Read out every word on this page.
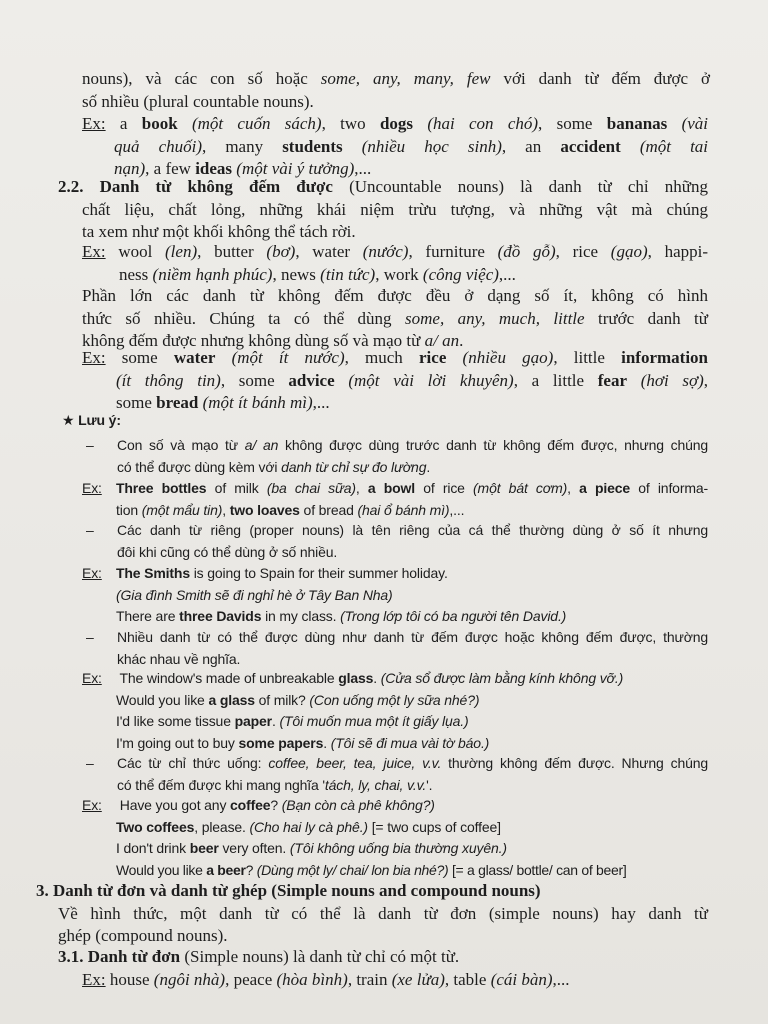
nouns), và các con số hoặc some, any, many, few với danh từ đếm được ở
số nhiều (plural countable nouns).
Ex: a book (một cuốn sách), two dogs (hai con chó), some bananas (vài
quả chuối), many students (nhiều học sinh), an accident (một tai
nạn), a few ideas (một vài ý tưởng),...
2.2. Danh từ không đếm được (Uncountable nouns) là danh từ chỉ những
chất liệu, chất lỏng, những khái niệm trừu tượng, và những vật mà chúng
ta xem như một khối không thể tách rời.
Ex: wool (len), butter (bơ), water (nước), furniture (đồ gỗ), rice (gạo), happi-
ness (niềm hạnh phúc), news (tin tức), work (công việc),...
Phần lớn các danh từ không đếm được đều ở dạng số ít, không có hình
thức số nhiều. Chúng ta có thể dùng some, any, much, little trước danh từ
không đếm được nhưng không dùng số và mạo từ a/ an.
Ex: some water (một ít nước), much rice (nhiều gạo), little information
(ít thông tin), some advice (một vài lời khuyên), a little fear (hơi sợ),
some bread (một ít bánh mì),...
★ Lưu ý:
– Con số và mạo từ a/ an không được dùng trước danh từ không đếm được, nhưng chúng
có thể được dùng kèm với danh từ chỉ sự đo lường.
Ex: Three bottles of milk (ba chai sữa), a bowl of rice (một bát cơm), a piece of informa-
tion (một mẩu tin), two loaves of bread (hai ổ bánh mì),...
– Các danh từ riêng (proper nouns) là tên riêng của cá thể thường dùng ở số ít nhưng
đôi khi cũng có thể dùng ở số nhiều.
Ex: The Smiths is going to Spain for their summer holiday.
(Gia đình Smith sẽ đi nghỉ hè ở Tây Ban Nha)
There are three Davids in my class. (Trong lớp tôi có ba người tên David.)
– Nhiều danh từ có thể được dùng như danh từ đếm được hoặc không đếm được, thường
khác nhau về nghĩa.
Ex: The window's made of unbreakable glass. (Cửa sổ được làm bằng kính không vỡ.)
Would you like a glass of milk? (Con uống một ly sữa nhé?)
I'd like some tissue paper. (Tôi muốn mua một ít giấy lụa.)
I'm going out to buy some papers. (Tôi sẽ đi mua vài tờ báo.)
– Các từ chỉ thức uống: coffee, beer, tea, juice, v.v. thường không đếm được. Nhưng chúng
có thể đếm được khi mang nghĩa 'tách, ly, chai, v.v.'.
Ex: Have you got any coffee? (Bạn còn cà phê không?)
Two coffees, please. (Cho hai ly cà phê.) [= two cups of coffee]
I don't drink beer very often. (Tôi không uống bia thường xuyên.)
Would you like a beer? (Dùng một ly/ chai/ lon bia nhé?) [= a glass/ bottle/ can of beer]
3. Danh từ đơn và danh từ ghép (Simple nouns and compound nouns)
Về hình thức, một danh từ có thể là danh từ đơn (simple nouns) hay danh từ
ghép (compound nouns).
3.1. Danh từ đơn (Simple nouns) là danh từ chỉ có một từ.
Ex: house (ngôi nhà), peace (hòa bình), train (xe lửa), table (cái bàn),...
